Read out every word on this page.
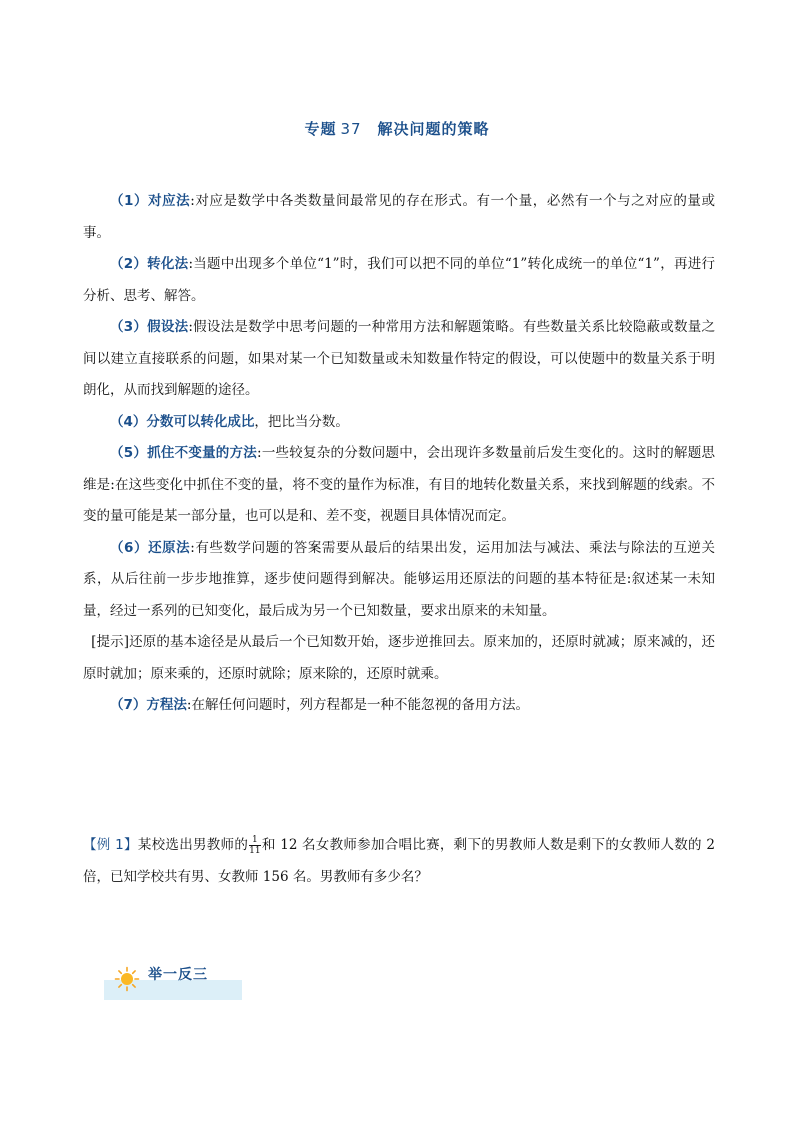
专题 37 解决问题的策略

（1）对应法:对应是数学中各类数量间最常见的存在形式。有一个量，必然有一个与之对应的量或事。

（2）转化法:当题中出现多个单位“1”时，我们可以把不同的单位“1”转化成统一的单位“1”，再进行分析、思考、解答。

（3）假设法:假设法是数学中思考问题的一种常用方法和解题策略。有些数量关系比较隐蔽或数量之间以建立直接联系的问题，如果对某一个已知数量或未知数量作特定的假设，可以使题中的数量关系于明朗化，从而找到解题的途径。

（4）分数可以转化成比，把比当分数。

（5）抓住不变量的方法:一些较复杂的分数问题中，会出现许多数量前后发生变化的。这时的解题思维是:在这些变化中抓住不变的量，将不变的量作为标准，有目的地转化数量关系，来找到解题的线索。不变的量可能是某一部分量，也可以是和、差不变，视题目具体情况而定。

（6）还原法:有些数学问题的答案需要从最后的结果出发，运用加法与减法、乘法与除法的互逆关系，从后往前一步步地推算，逐步使问题得到解决。能够运用还原法的问题的基本特征是:叙述某一未知量，经过一系列的已知变化，最后成为另一个已知数量，要求出原来的未知量。

[提示]还原的基本途径是从最后一个已知数开始，逐步逆推回去。原来加的，还原时就减；原来减的，还原时就加；原来乘的，还原时就除；原来除的，还原时就乘。

（7）方程法:在解任何问题时，列方程都是一种不能忽视的备用方法。

【例 1】某校选出男教师的 $\frac{1}{11}$ 和 12 名女教师参加合唱比赛，剩下的男教师人数是剩下的女教师人数的 2 倍，已知学校共有男、女教师 156 名。男教师有多少名？
举一反三
